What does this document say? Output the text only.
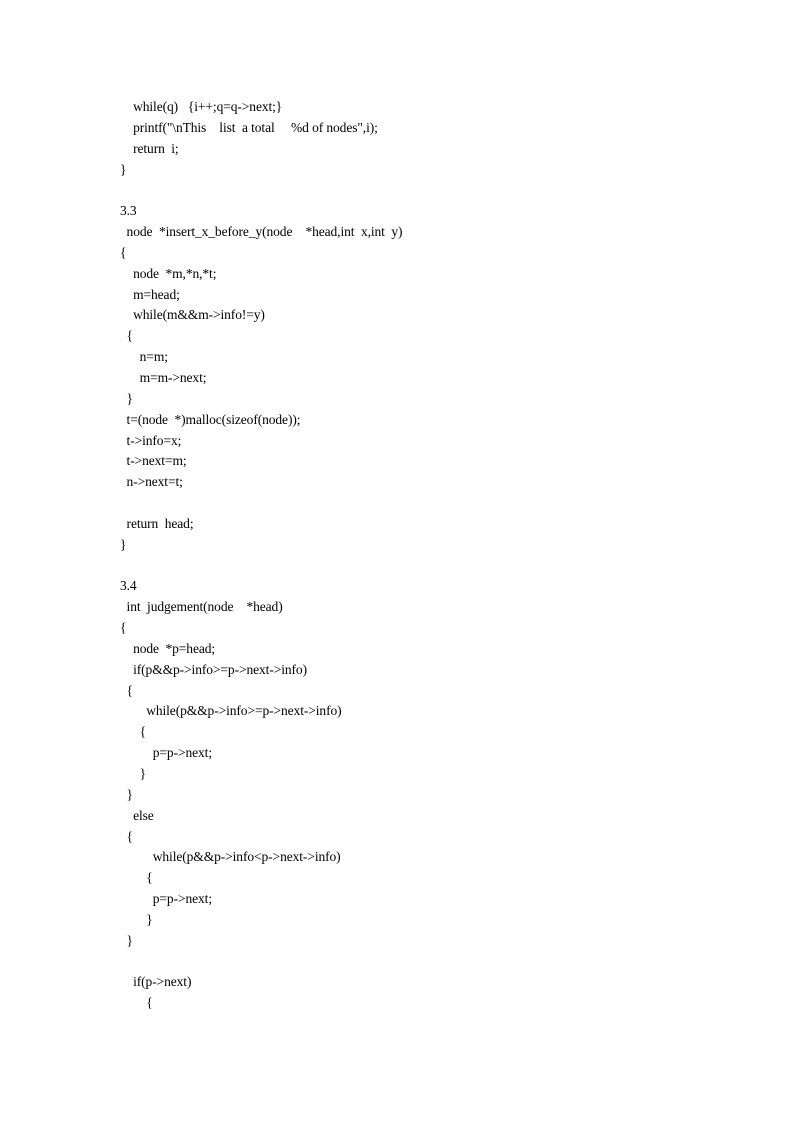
while(q)   {i++;q=q->next;}
printf("\nThis    list  a total     %d of nodes",i);
return  i;
}
3.3
node  *insert_x_before_y(node    *head,int  x,int  y)
{
node  *m,*n,*t;
m=head;
while(m&&m->info!=y)
{
n=m;
m=m->next;
}
t=(node  *)malloc(sizeof(node));
t->info=x;
t->next=m;
n->next=t;
return  head;
}
3.4
int  judgement(node    *head)
{
node  *p=head;
if(p&&p->info>=p->next->info)
{
while(p&&p->info>=p->next->info)
{
p=p->next;
}
}
else
{
while(p&&p->info<p->next->info)
{
p=p->next;
}
}
if(p->next)
{
